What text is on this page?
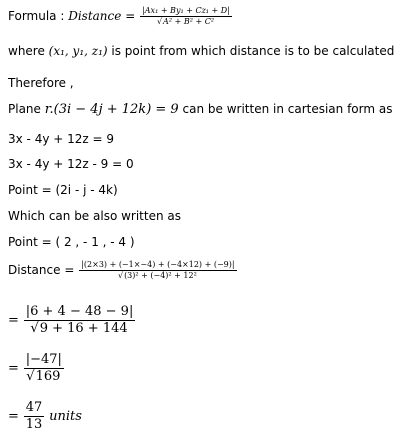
Formula : Distance = $\frac{\text{|Ax₁ + By₁ + Cz₁ + D|}}{\text{√A² + B² + C²}}$
where (x₁, y₁, z₁) is point from which distance is to be calculated
Therefore ,
Plane r.(3i − 4j + 12k) = 9 can be written in cartesian form as
3x - 4y + 12z = 9
3x - 4y + 12z - 9 = 0
Point = (2i - j - 4k)
Which can be also written as
Point = ( 2 , - 1 , - 4 )
Distance = $\frac{|(2\times 3) + (-1\times-4) + (-4\times 12) + (-9)|}{\text{√(3)² + (−4)² + 12²}}$
= $\frac{|6 + 4 - 48 - 9|}{√9 + 16 + 144}$
= $\frac{|-47|}{√169}$
= $\frac{47}{13}$ units
